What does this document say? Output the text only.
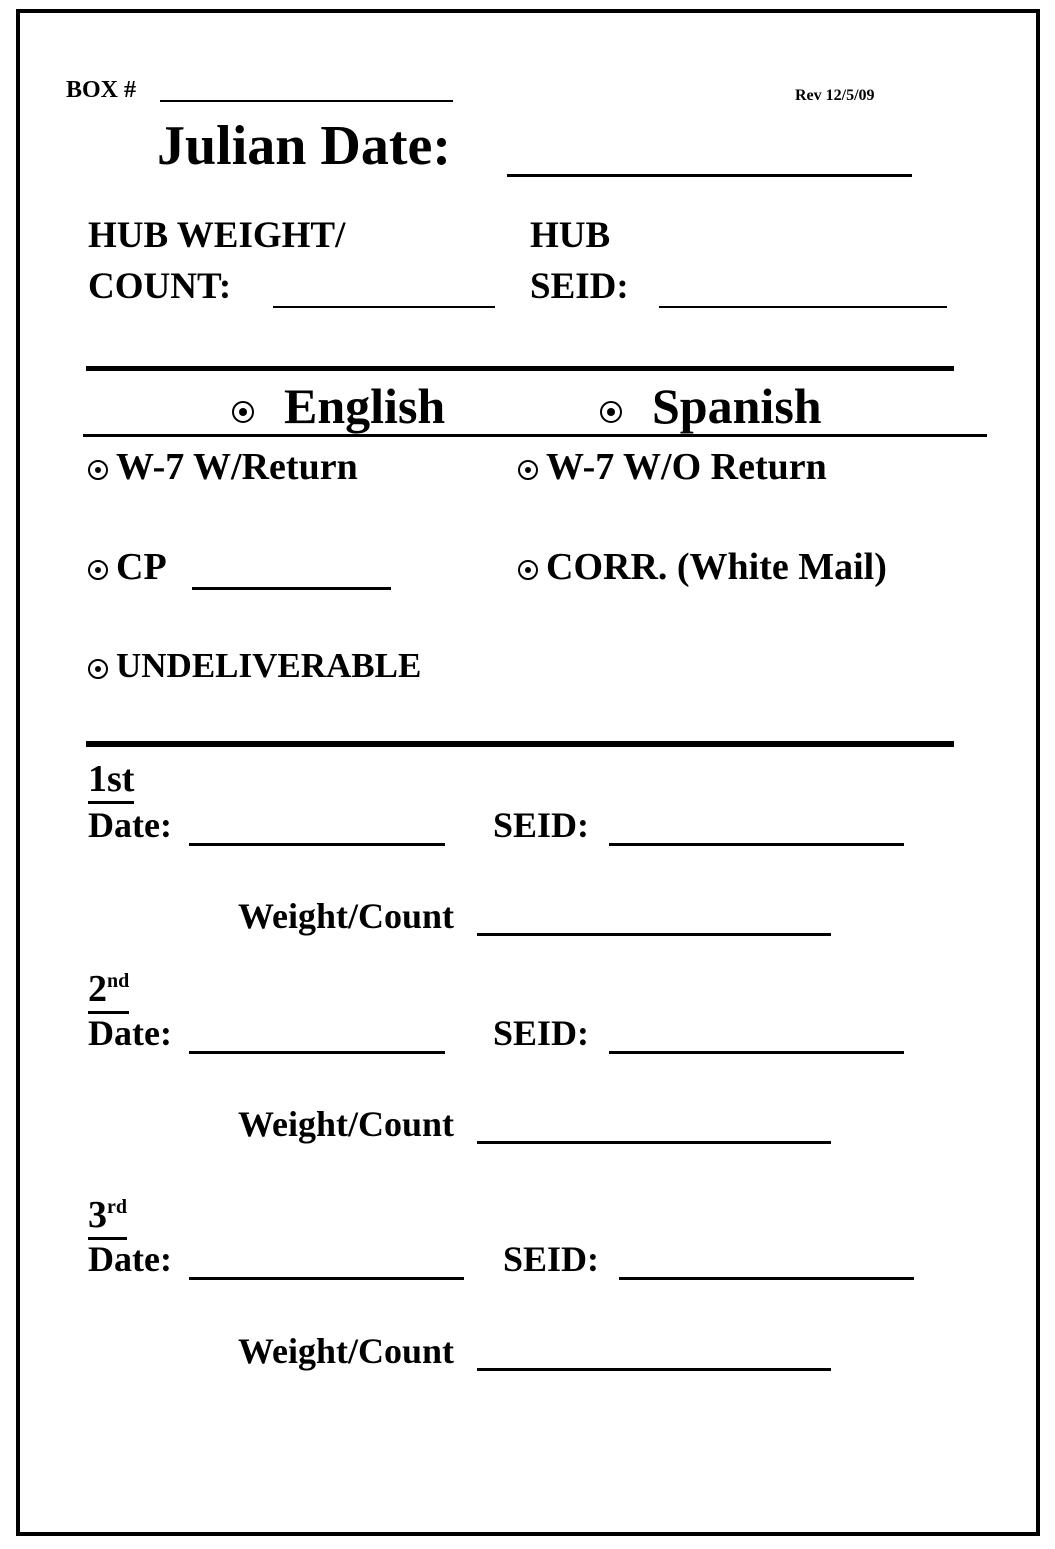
BOX #	Rev 12/5/09
Julian Date:
HUB WEIGHT/
COUNT:
HUB
SEID:
English	Spanish
W-7 W/Return	W-7 W/O Return
CP	CORR. (White Mail)
UNDELIVERABLE
1st
Date:	SEID:
Weight/Count
2nd
Date:	SEID:
Weight/Count
3rd
Date:	SEID:
Weight/Count
